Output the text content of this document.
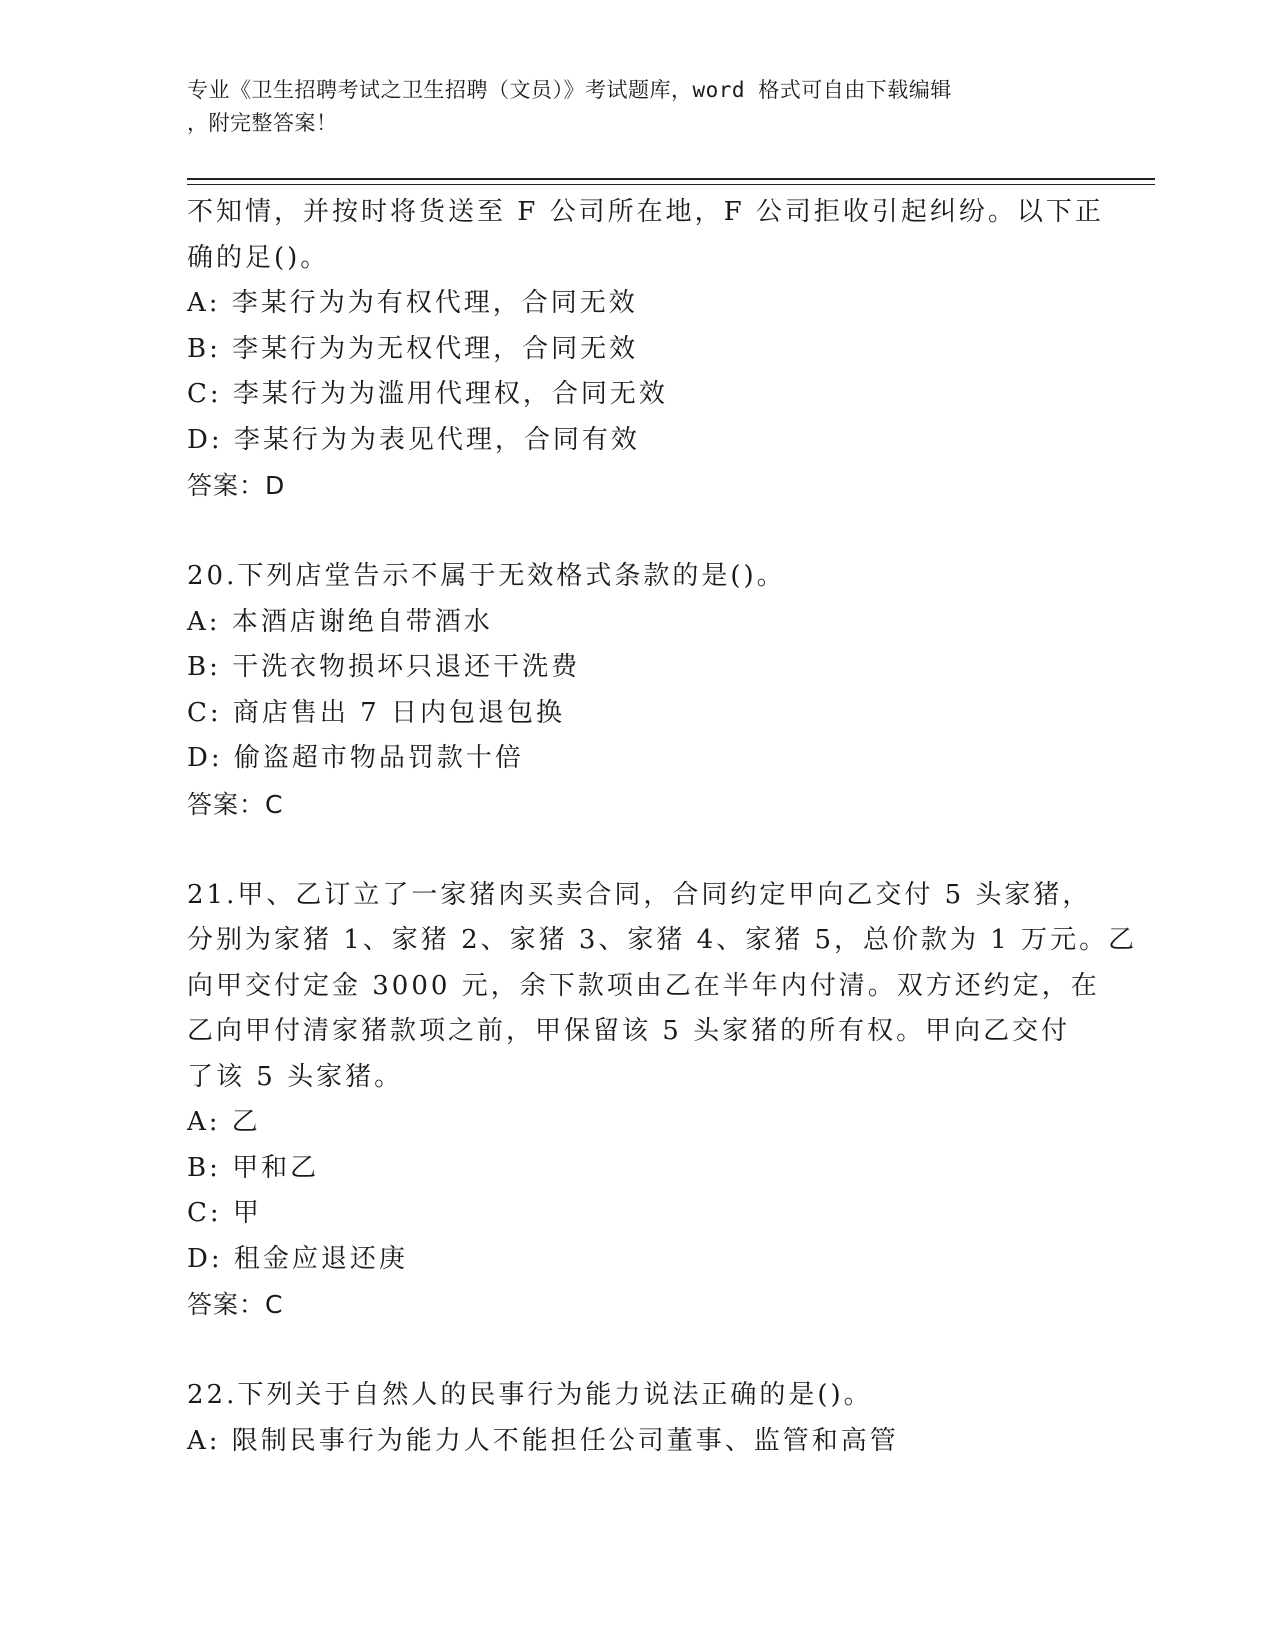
专业《卫生招聘考试之卫生招聘（文员）》考试题库，word 格式可自由下载编辑
，附完整答案！
不知情，并按时将货送至 F 公司所在地，F 公司拒收引起纠纷。以下正
确的足()。
A: 李某行为为有权代理，合同无效
B: 李某行为为无权代理，合同无效
C: 李某行为为滥用代理权，合同无效
D: 李某行为为表见代理，合同有效
答案：D
20.下列店堂告示不属于无效格式条款的是()。
A: 本酒店谢绝自带酒水
B: 干洗衣物损坏只退还干洗费
C: 商店售出 7 日内包退包换
D: 偷盗超市物品罚款十倍
答案：C
21.甲、乙订立了一家猪肉买卖合同，合同约定甲向乙交付 5 头家猪，
分别为家猪 1、家猪 2、家猪 3、家猪 4、家猪 5，总价款为 1 万元。乙
向甲交付定金 3000 元，余下款项由乙在半年内付清。双方还约定，在
乙向甲付清家猪款项之前，甲保留该 5 头家猪的所有权。甲向乙交付
了该 5 头家猪。
A: 乙
B: 甲和乙
C: 甲
D: 租金应退还庚
答案：C
22.下列关于自然人的民事行为能力说法正确的是()。
A: 限制民事行为能力人不能担任公司董事、监管和高管
